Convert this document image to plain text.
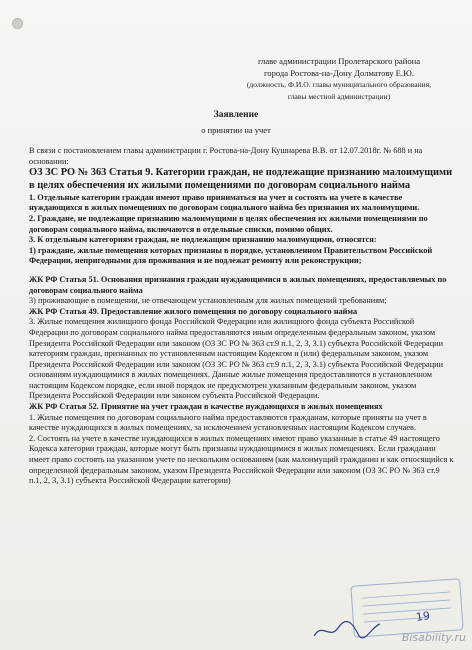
главе администрации Пролетарского района
города Ростова-на-Дону Долматову Е.Ю.
(должность, Ф.И.О. главы муниципального образования,
главы местной администрации)
Заявление
о принятии на учет

В связи с постановлением главы администрации г. Ростова-на-Дону Кушнарева В.В. от 12.07.2018г. № 688 и на основании:

ОЗ ЗС РО № 363 Статья 9. Категории граждан, не подлежащие признанию малоимущими в целях обеспечения их жилыми помещениями по договорам социального найма

1. Отдельные категории граждан имеют право приниматься на учет и состоять на учете в качестве нуждающихся в жилых помещениях по договорам социального найма без признания их малоимущими.

2. Граждане, не подлежащие признанию малоимущими в целях обеспечения их жилыми помещениями по договорам социального найма, включаются в отдельные списки, помимо общих.

3. К отдельным категориям граждан, не подлежащим признанию малоимущими, относятся:

1) граждане, жилые помещения которых признаны в порядке, установленном Правительством Российской Федерации, непригодными для проживания и не подлежат ремонту или реконструкции;

ЖК РФ Статья 51. Основания признания граждан нуждающимися в жилых помещениях, предоставляемых по договорам социального найма

3) проживающие в помещении, не отвечающем установленным для жилых помещений требованиям;

ЖК РФ Статья 49. Предоставление жилого помещения по договору социального найма

3. Жилые помещения жилищного фонда Российской Федерации или жилищного фонда субъекта Российской Федерации по договорам социального найма предоставляются иным определенным федеральным законом, указом Президента Российской Федерации или законом (ОЗ ЗС РО № 363 ст.9 п.1, 2, 3, 3.1) субъекта Российской Федерации категориям граждан, признанных по установленным настоящим Кодексом и (или) федеральным законом, указом Президента Российской Федерации или законом (ОЗ ЗС РО № 363 ст.9 п.1, 2, 3, 3.1) субъекта Российской Федерации основаниям нуждающимися в жилых помещениях. Данные жилые помещения предоставляются в установленном настоящим Кодексом порядке, если иной порядок не предусмотрен указанным федеральным законом, указом Президента Российской Федерации или законом субъекта Российской Федерации.

ЖК РФ Статья 52. Принятие на учет граждан в качестве нуждающихся в жилых помещениях

1. Жилые помещения по договорам социального найма предоставляются гражданам, которые приняты на учет в качестве нуждающихся в жилых помещениях, за исключением установленных настоящим Кодексом случаев.

2. Состоять на учете в качестве нуждающихся в жилых помещениях имеют право указанные в статье 49 настоящего Кодекса категории граждан, которые могут быть признаны нуждающимися в жилых помещениях. Если гражданин имеет право состоять на указанном учете по нескольким основаниям (как малоимущий гражданин и как относящийся к определенной федеральным законом, указом Президента Российской Федерации или законом (ОЗ ЗС РО № 363 ст.9 п.1, 2, 3, 3.1) субъекта Российской Федерации категории)

19
Bisability.ru
